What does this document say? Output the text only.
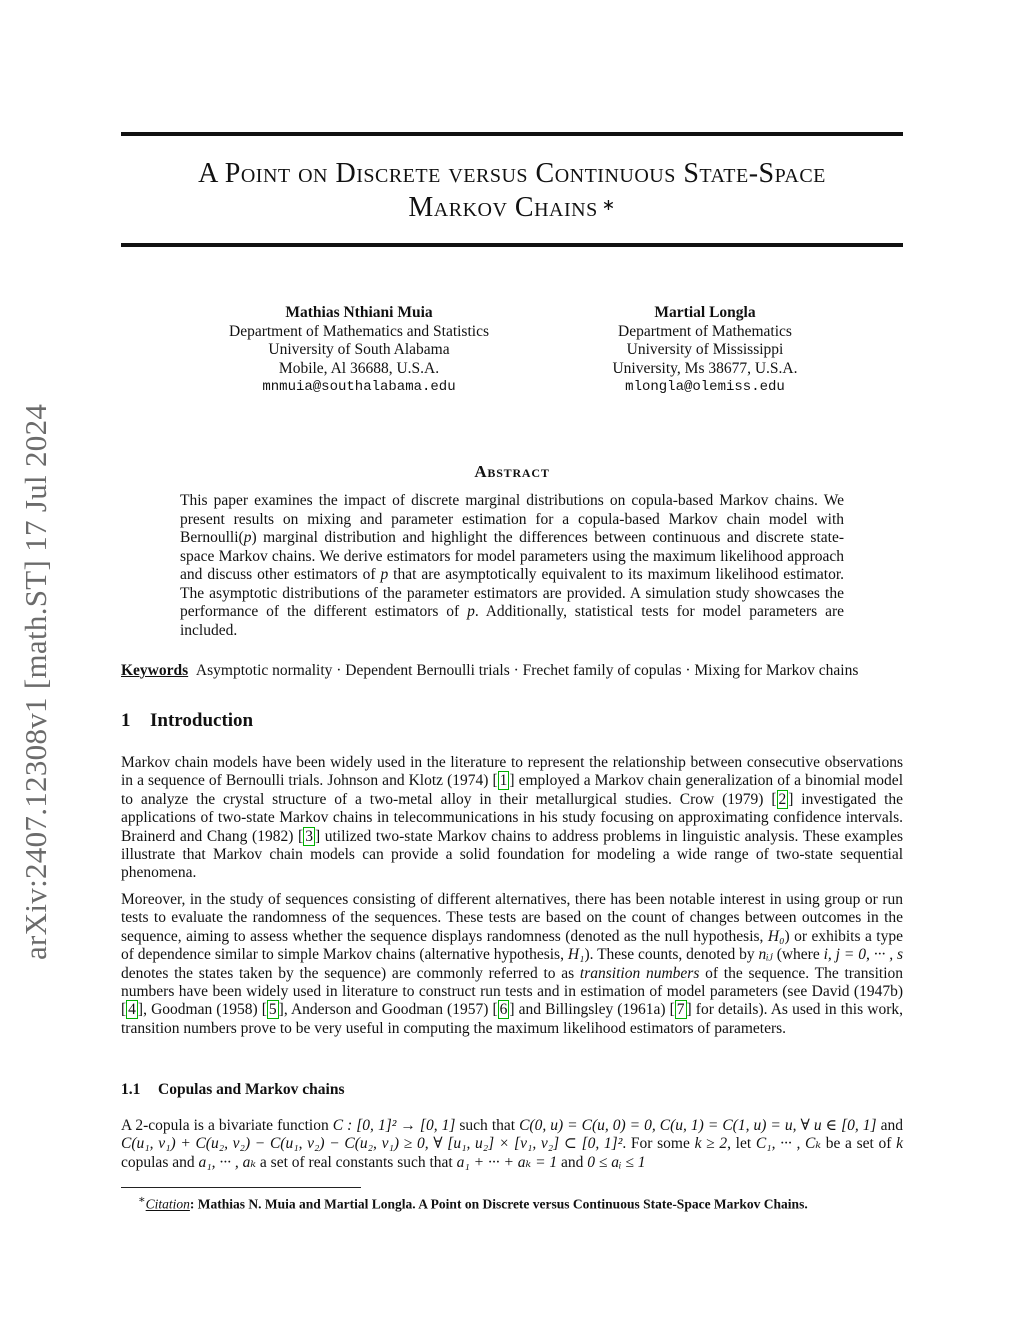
arXiv:2407.12308v1 [math.ST] 17 Jul 2024
A Point on Discrete versus Continuous State-Space
Markov Chains ∗
Mathias Nthiani Muia
Department of Mathematics and Statistics
University of South Alabama
Mobile, Al 36688, U.S.A.
mnmuia@southalabama.edu
Martial Longla
Department of Mathematics
University of Mississippi
University, Ms 38677, U.S.A.
mlongla@olemiss.edu
Abstract

This paper examines the impact of discrete marginal distributions on copula-based Markov chains. We present results on mixing and parameter estimation for a copula-based Markov chain model with Bernoulli(p) marginal distribution and highlight the differences between continuous and discrete state-space Markov chains. We derive estimators for model parameters using the maximum likelihood approach and discuss other estimators of p that are asymptotically equivalent to its maximum likelihood estimator. The asymptotic distributions of the parameter estimators are provided. A simulation study showcases the performance of the different estimators of p. Additionally, statistical tests for model parameters are included.

Keywords Asymptotic normality · Dependent Bernoulli trials · Frechet family of copulas · Mixing for Markov chains
1 Introduction

Markov chain models have been widely used in the literature to represent the relationship between consecutive observations in a sequence of Bernoulli trials. Johnson and Klotz (1974) [ 1 ] employed a Markov chain generalization of a binomial model to analyze the crystal structure of a two-metal alloy in their metallurgical studies. Crow (1979) [ 2 ] investigated the applications of two-state Markov chains in telecommunications in his study focusing on approximating confidence intervals. Brainerd and Chang (1982) [ 3 ] utilized two-state Markov chains to address problems in linguistic analysis. These examples illustrate that Markov chain models can provide a solid foundation for modeling a wide range of two-state sequential phenomena.

Moreover, in the study of sequences consisting of different alternatives, there has been notable interest in using group or run tests to evaluate the randomness of the sequences. These tests are based on the count of changes between outcomes in the sequence, aiming to assess whether the sequence displays randomness (denoted as the null hypothesis, H₀) or exhibits a type of dependence similar to simple Markov chains (alternative hypothesis, H₁). These counts, denoted by nᵢⱼ (where i, j = 0, ··· , s denotes the states taken by the sequence) are commonly referred to as transition numbers of the sequence. The transition numbers have been widely used in literature to construct run tests and in estimation of model parameters (see David (1947b) [ 4 ], Goodman (1958) [ 5 ], Anderson and Goodman (1957) [ 6 ] and Billingsley (1961a) [ 7 ] for details). As used in this work, transition numbers prove to be very useful in computing the maximum likelihood estimators of parameters.

1.1 Copulas and Markov chains

A 2-copula is a bivariate function C : [0, 1]² → [0, 1] such that C(0, u) = C(u, 0) = 0, C(u, 1) = C(1, u) = u, ∀ u ∈ [0, 1] and C(u₁, v₁) + C(u₂, v₂) − C(u₁, v₂) − C(u₂, v₁) ≥ 0, ∀ [u₁, u₂] × [v₁, v₂] ⊂ [0, 1]². For some k ≥ 2, let C₁, ··· , Cₖ be a set of k copulas and a₁, ··· , aₖ a set of real constants such that a₁ + ··· + aₖ = 1 and 0 ≤ aᵢ ≤ 1

∗Citation: Mathias N. Muia and Martial Longla. A Point on Discrete versus Continuous State-Space Markov Chains.
